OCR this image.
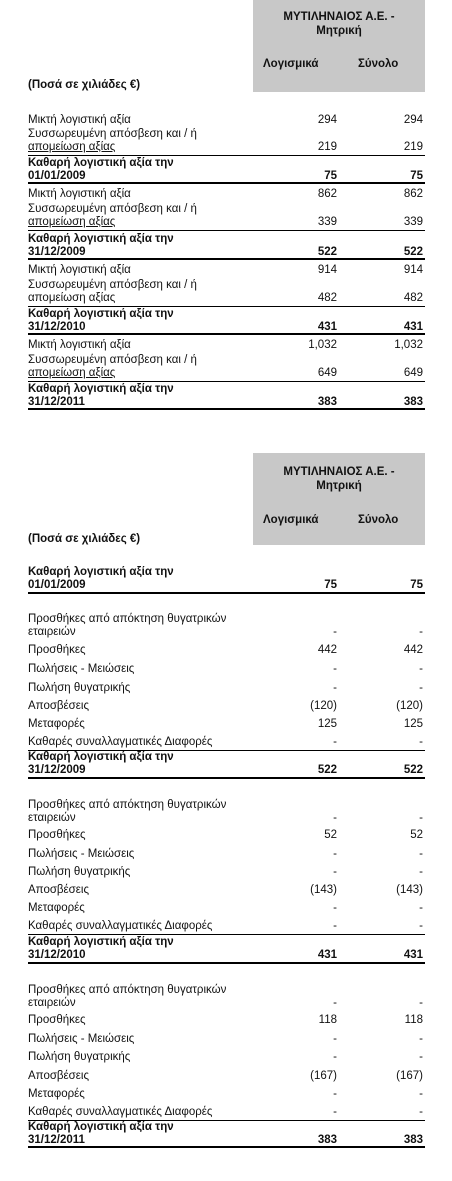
ΜΥΤΙΛΗΝΑΙΟΣ Α.Ε. -
Μητρική
Λογισμικά	Σύνολο
(Ποσά σε χιλιάδες €)
Μικτή λογιστική αξία	294	294
Συσσωρευμένη απόσβεση και / ή
απομείωση αξίας	219	219
Καθαρή λογιστική αξία την
01/01/2009	75	75
Μικτή λογιστική αξία	862	862
Συσσωρευμένη απόσβεση και / ή
απομείωση αξίας	339	339
Καθαρή λογιστική αξία την
31/12/2009	522	522
Μικτή λογιστική αξία	914	914
Συσσωρευμένη απόσβεση και / ή
απομείωση αξίας	482	482
Καθαρή λογιστική αξία την
31/12/2010	431	431
Μικτή λογιστική αξία	1,032	1,032
Συσσωρευμένη απόσβεση και / ή
απομείωση αξίας	649	649
Καθαρή λογιστική αξία την
31/12/2011	383	383
ΜΥΤΙΛΗΝΑΙΟΣ Α.Ε. -
Μητρική
Λογισμικά	Σύνολο
(Ποσά σε χιλιάδες €)
Καθαρή λογιστική αξία την
01/01/2009	75	75
Προσθήκες από απόκτηση θυγατρικών
εταιρειών	-	-
Προσθήκες	442	442
Πωλήσεις - Μειώσεις	-	-
Πωλήση θυγατρικής	-	-
Αποσβέσεις	(120)	(120)
Μεταφορές	125	125
Καθαρές συναλλαγματικές Διαφορές	-	-
Καθαρή λογιστική αξία την
31/12/2009	522	522
Προσθήκες από απόκτηση θυγατρικών
εταιρειών	-	-
Προσθήκες	52	52
Πωλήσεις - Μειώσεις	-	-
Πωλήση θυγατρικής	-	-
Αποσβέσεις	(143)	(143)
Μεταφορές	-	-
Καθαρές συναλλαγματικές Διαφορές	-	-
Καθαρή λογιστική αξία την
31/12/2010	431	431
Προσθήκες από απόκτηση θυγατρικών
εταιρειών	-	-
Προσθήκες	118	118
Πωλήσεις - Μειώσεις	-	-
Πωλήση θυγατρικής	-	-
Αποσβέσεις	(167)	(167)
Μεταφορές	-	-
Καθαρές συναλλαγματικές Διαφορές	-	-
Καθαρή λογιστική αξία την
31/12/2011	383	383
